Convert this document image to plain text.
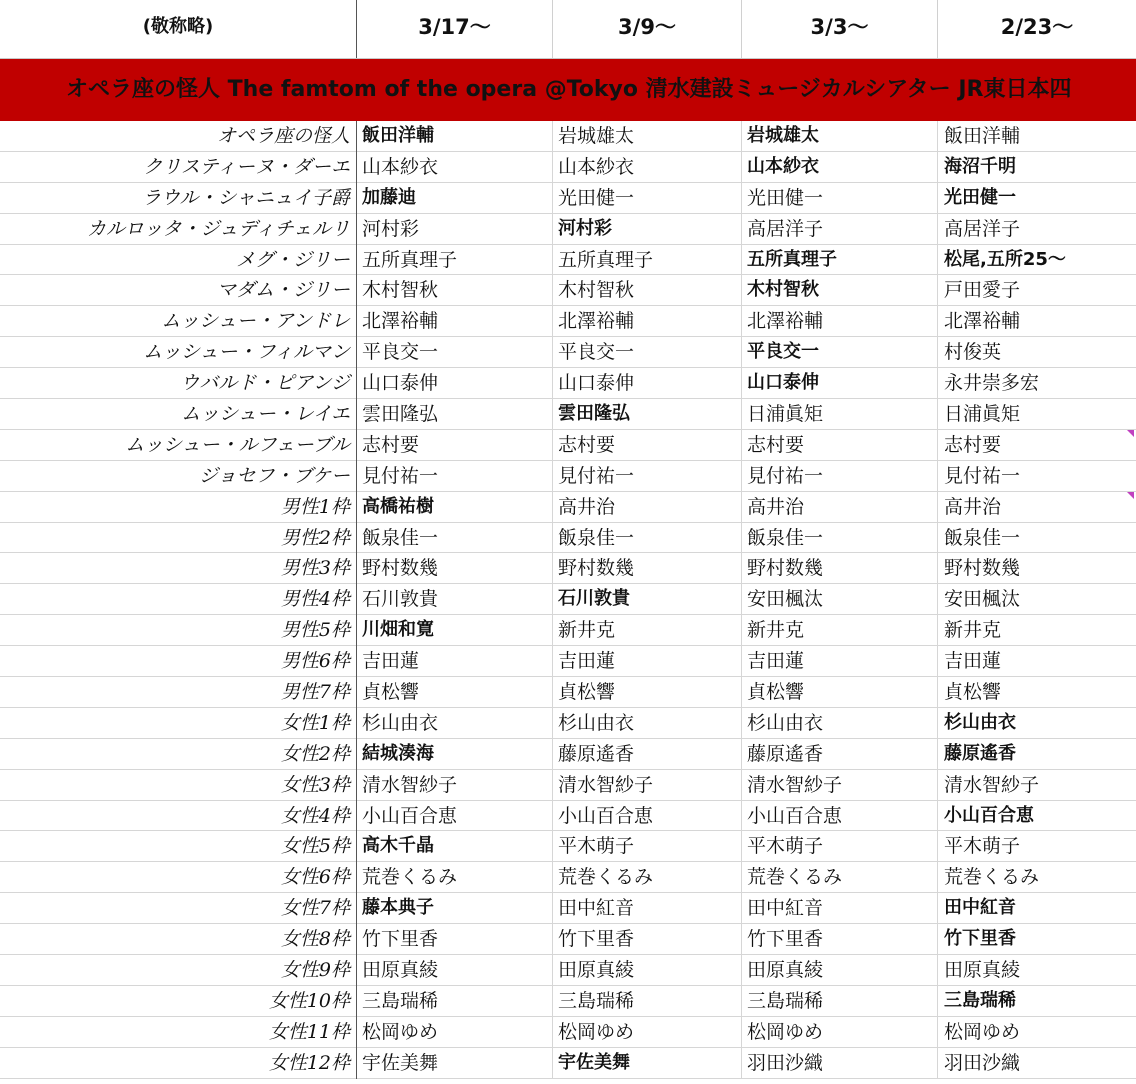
(敬称略)	3/17〜	3/9〜	3/3〜	2/23〜
オペラ座の怪人 The famtom of the opera @Tokyo 清水建設ミュージカルシアター JR東日本四
オペラ座の怪人 飯田洋輔	岩城雄太	岩城雄太	飯田洋輔
クリスティーヌ・ダーエ 山本紗衣	山本紗衣	山本紗衣	海沼千明
ラウル・シャニュイ子爵 加藤迪	光田健一	光田健一	光田健一
カルロッタ・ジュディチェルリ 河村彩	河村彩	高居洋子	高居洋子
メグ・ジリー 五所真理子	五所真理子	五所真理子	松尾,五所25〜
マダム・ジリー 木村智秋	木村智秋	木村智秋	戸田愛子
ムッシュー・アンドレ 北澤裕輔	北澤裕輔	北澤裕輔	北澤裕輔
ムッシュー・フィルマン 平良交一	平良交一	平良交一	村俊英
ウバルド・ピアンジ 山口泰伸	山口泰伸	山口泰伸	永井崇多宏
ムッシュー・レイエ 雲田隆弘	雲田隆弘	日浦眞矩	日浦眞矩
ムッシュー・ルフェーブル 志村要	志村要	志村要	志村要
ジョセフ・ブケー 見付祐一	見付祐一	見付祐一	見付祐一
男性1枠 高橋祐樹	高井治	高井治	高井治
男性2枠 飯泉佳一	飯泉佳一	飯泉佳一	飯泉佳一
男性3枠 野村数幾	野村数幾	野村数幾	野村数幾
男性4枠 石川敦貴	石川敦貴	安田楓汰	安田楓汰
男性5枠 川畑和寛	新井克	新井克	新井克
男性6枠 吉田蓮	吉田蓮	吉田蓮	吉田蓮
男性7枠 貞松響	貞松響	貞松響	貞松響
女性1枠 杉山由衣	杉山由衣	杉山由衣	杉山由衣
女性2枠 結城湊海	藤原遙香	藤原遙香	藤原遙香
女性3枠 清水智紗子	清水智紗子	清水智紗子	清水智紗子
女性4枠 小山百合恵	小山百合恵	小山百合恵	小山百合恵
女性5枠 高木千晶	平木萌子	平木萌子	平木萌子
女性6枠 荒巻くるみ	荒巻くるみ	荒巻くるみ	荒巻くるみ
女性7枠 藤本典子	田中紅音	田中紅音	田中紅音
女性8枠 竹下里香	竹下里香	竹下里香	竹下里香
女性9枠 田原真綾	田原真綾	田原真綾	田原真綾
女性10枠 三島瑞稀	三島瑞稀	三島瑞稀	三島瑞稀
女性11枠 松岡ゆめ	松岡ゆめ	松岡ゆめ	松岡ゆめ
女性12枠 宇佐美舞	宇佐美舞	羽田沙織	羽田沙織
